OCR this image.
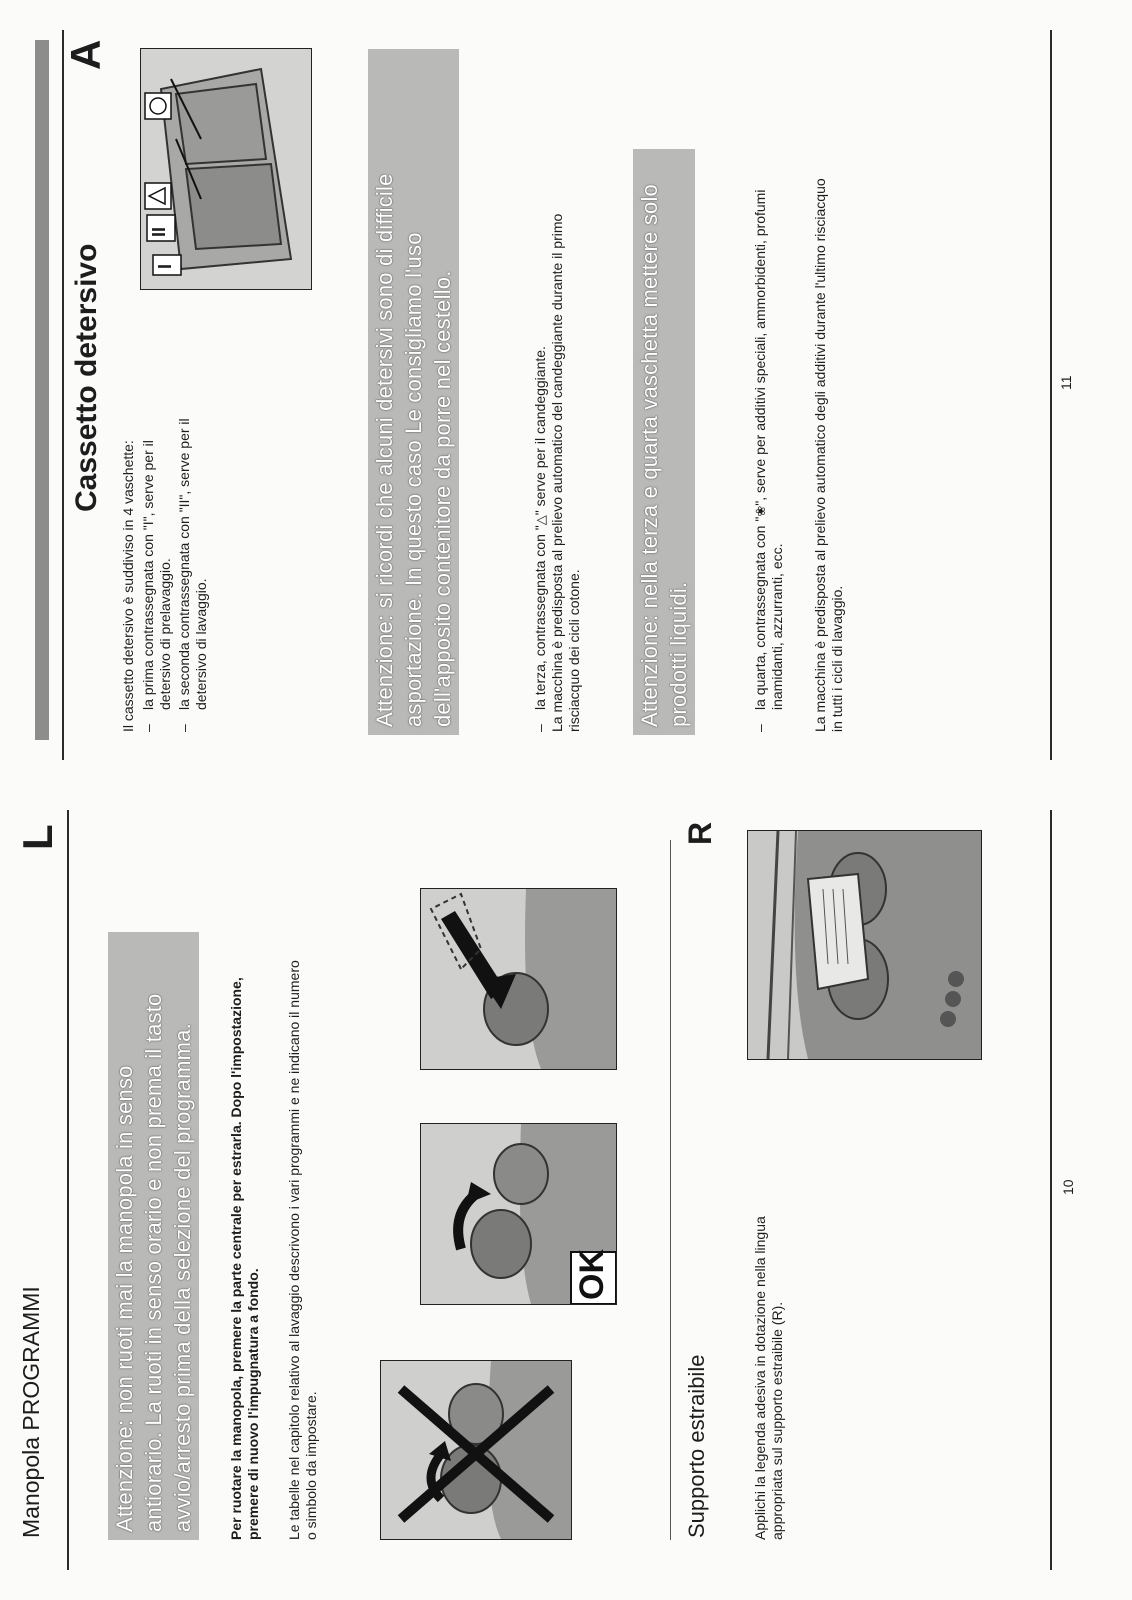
Manopola PROGRAMMI
L
Attenzione: non ruoti mai la manopola in senso antiorario. La ruoti in senso orario e non prema il tasto avvio/arresto prima della selezione del programma. Per ruotare la manopola, premere la parte centrale per estrarla. Dopo l'impostazione, premere di nuovo l'impugnatura a fondo. Le tabelle nel capitolo relativo al lavaggio descrivono i vari programmi e ne indicano il numero o simbolo da impostare.
OK
Supporto estraibile
R
Applichi la legenda adesiva in dotazione nella lingua appropriata sul supporto estraibile (R).
10
Cassetto detersivo
A
I
II
Il cassetto detersivo è suddiviso in 4 vaschette: –
la prima contrassegnata con "I", serve per il detersivo di prelavaggio.
–
la seconda contrassegnata con "II", serve per il detersivo di lavaggio.	Attenzione: si ricordi che alcuni detersivi sono di difficile asportazione. In questo caso Le consigliamo l'uso dell'apposito contenitore da porre nel cestello.
–
la terza, contrassegnata con "△" serve per il candeggiante. La macchina è predisposta al prelievo automatico del candeggiante durante il primo risciacquo dei cicli cotone.	Attenzione: nella terza e quarta vaschetta mettere solo prodotti liquidi.
–
la quarta, contrassegnata con "❀", serve per additivi speciali, ammorbidenti, profumi
inamidanti, azzurranti, ecc. La macchina è predisposta al prelievo automatico degli additivi durante l'ultimo risciacquo in tutti i cicli di lavaggio.
11
